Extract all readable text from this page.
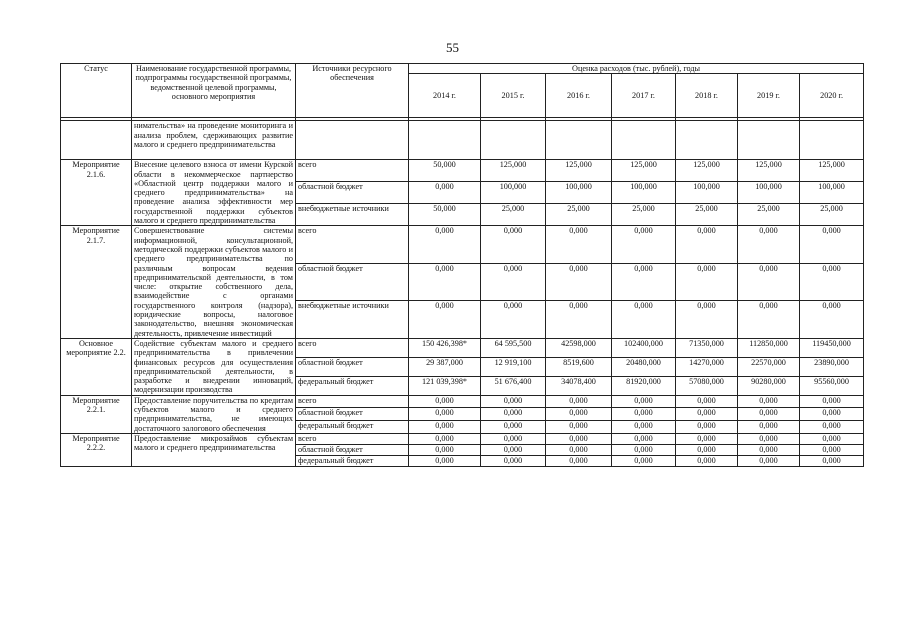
55
Статус	Наименование государственной программы, подпрограммы государственной программы, ведомственной целевой программы, основного мероприятия	Источники ресурсного обеспечения	Оценка расходов (тыс. рублей), годы						
			2014 г.	2015 г.	2016 г.	2017 г.	2018 г.	2019 г.	2020 г.

	нимательства» на проведение мониторинга и анализа проблем, сдерживающих развитие малого и среднего предпринимательства								
Мероприятие 2.1.6.	Внесение целевого взноса от имени Курской области в некоммерческое партнерство «Областной центр поддержки малого и среднего предпринимательства» на проведение анализа эффективности мер государственной поддержки субъектов малого и среднего предпринимательства	всего	50,000	125,000	125,000	125,000	125,000	125,000	125,000
		областной бюджет	0,000	100,000	100,000	100,000	100,000	100,000	100,000
		внебюджетные источники	50,000	25,000	25,000	25,000	25,000	25,000	25,000
Мероприятие 2.1.7.	Совершенствование системы информационной, консультационной, методической поддержки субъектов малого и среднего предпринимательства по различным вопросам ведения предпринимательской деятельности, в том числе: открытие собственного дела, взаимодействие с органами государственного контроля (надзора), юридические вопросы, налоговое законодательство, внешняя экономическая деятельность, привлечение инвестиций	всего	0,000	0,000	0,000	0,000	0,000	0,000	0,000
		областной бюджет	0,000	0,000	0,000	0,000	0,000	0,000	0,000
		внебюджетные источники	0,000	0,000	0,000	0,000	0,000	0,000	0,000
Основное мероприятие 2.2.	Содействие субъектам малого и среднего предпринимательства в привлечении финансовых ресурсов для осуществления предпринимательской деятельности, в разработке и внедрении инноваций, модернизации производства	всего	150 426,398*	64 595,500	42598,000	102400,000	71350,000	112850,000	119450,000
		областной бюджет	29 387,000	12 919,100	8519,600	20480,000	14270,000	22570,000	23890,000
		федеральный бюджет	121 039,398*	51 676,400	34078,400	81920,000	57080,000	90280,000	95560,000
Мероприятие 2.2.1.	Предоставление поручительства по кредитам субъектов малого и среднего предпринимательства, не имеющих достаточного залогового обеспечения	всего	0,000	0,000	0,000	0,000	0,000	0,000	0,000
		областной бюджет	0,000	0,000	0,000	0,000	0,000	0,000	0,000
		федеральный бюджет	0,000	0,000	0,000	0,000	0,000	0,000	0,000
Мероприятие 2.2.2.	Предоставление микрозаймов субъектам малого и среднего предпринимательства	всего	0,000	0,000	0,000	0,000	0,000	0,000	0,000
		областной бюджет	0,000	0,000	0,000	0,000	0,000	0,000	0,000
		федеральный бюджет	0,000	0,000	0,000	0,000	0,000	0,000	0,000
